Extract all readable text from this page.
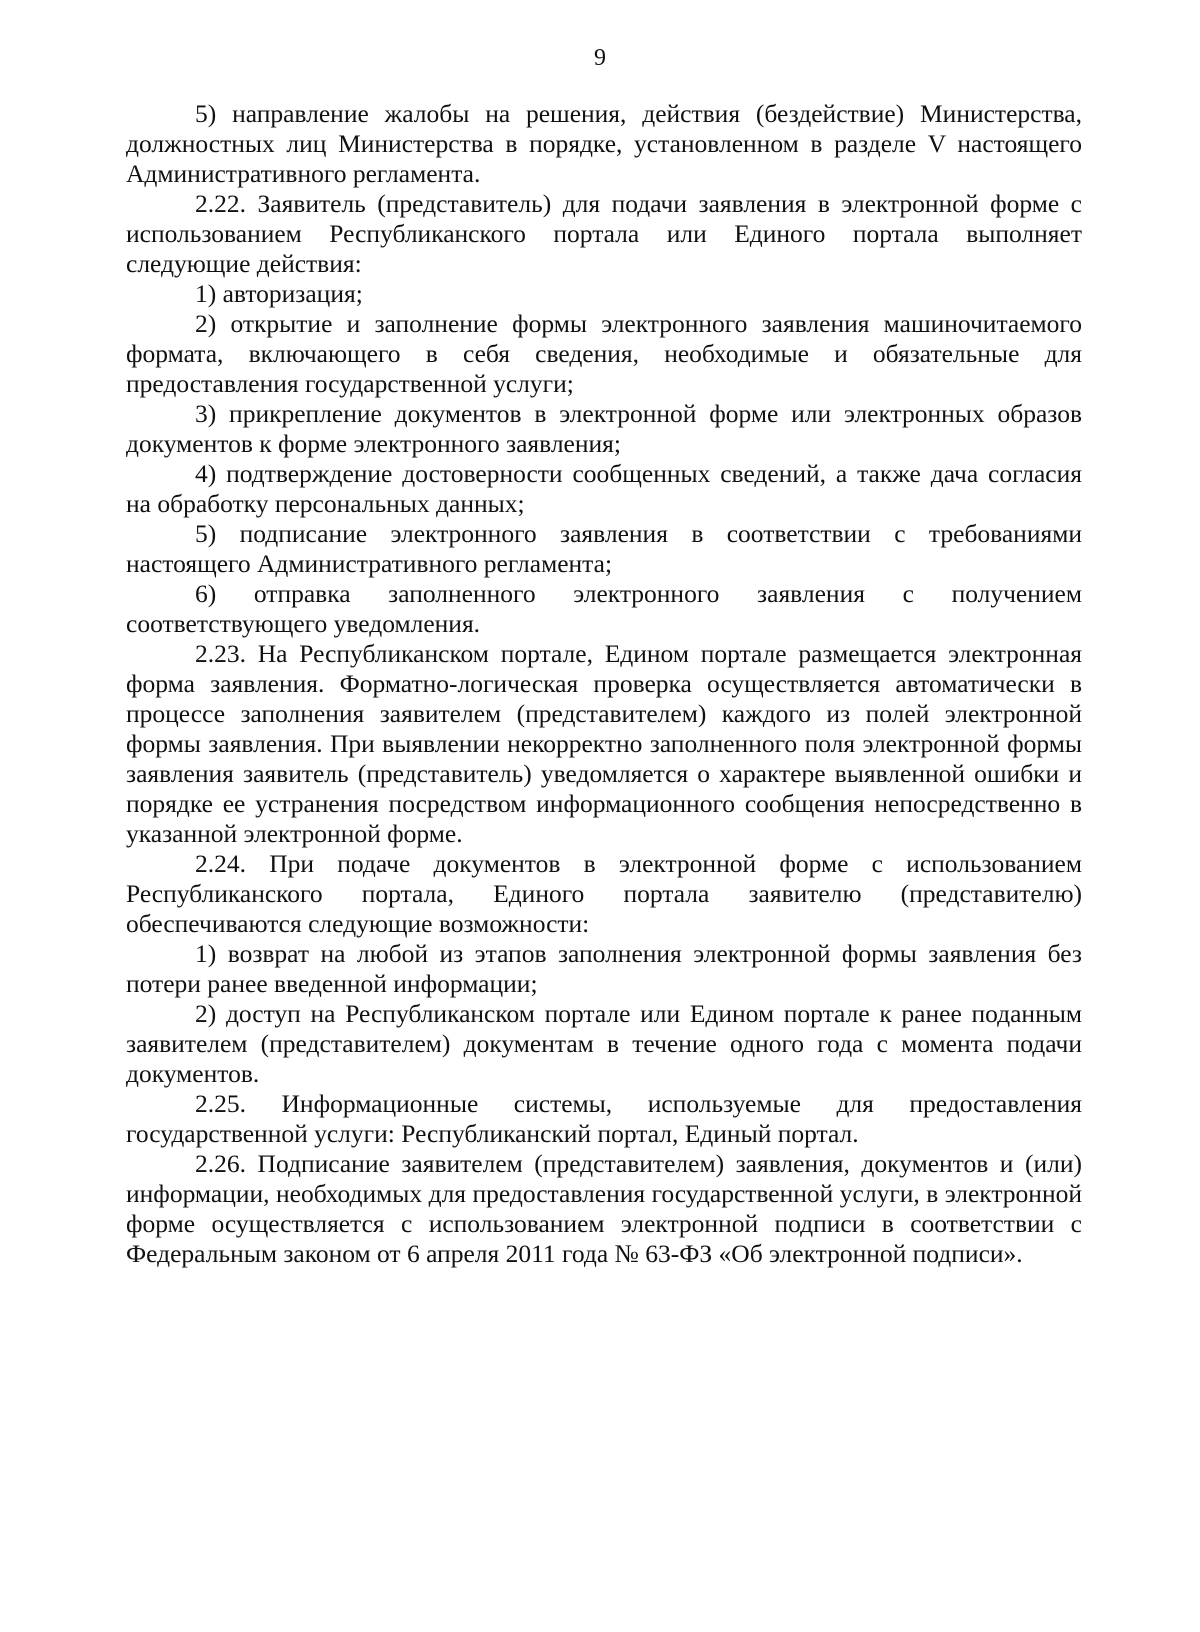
9

5) направление жалобы на решения, действия (бездействие) Министерства, должностных лиц Министерства в порядке, установленном в разделе V настоящего Административного регламента.

2.22. Заявитель (представитель) для подачи заявления в электронной форме с использованием Республиканского портала или Единого портала выполняет следующие действия:

1) авторизация;

2) открытие и заполнение формы электронного заявления машиночитаемого формата, включающего в себя сведения, необходимые и обязательные для предоставления государственной услуги;

3) прикрепление документов в электронной форме или электронных образов документов к форме электронного заявления;

4) подтверждение достоверности сообщенных сведений, а также дача согласия на обработку персональных данных;

5) подписание электронного заявления в соответствии с требованиями настоящего Административного регламента;

6) отправка заполненного электронного заявления с получением соответствующего уведомления.

2.23. На Республиканском портале, Едином портале размещается электронная форма заявления. Форматно-логическая проверка осуществляется автоматически в процессе заполнения заявителем (представителем) каждого из полей электронной формы заявления. При выявлении некорректно заполненного поля электронной формы заявления заявитель (представитель) уведомляется о характере выявленной ошибки и порядке ее устранения посредством информационного сообщения непосредственно в указанной электронной форме.

2.24. При подаче документов в электронной форме с использованием Республиканского портала, Единого портала заявителю (представителю) обеспечиваются следующие возможности:

1) возврат на любой из этапов заполнения электронной формы заявления без потери ранее введенной информации;

2) доступ на Республиканском портале или Едином портале к ранее поданным заявителем (представителем) документам в течение одного года с момента подачи документов.

2.25. Информационные системы, используемые для предоставления государственной услуги: Республиканский портал, Единый портал.

2.26. Подписание заявителем (представителем) заявления, документов и (или) информации, необходимых для предоставления государственной услуги, в электронной форме осуществляется с использованием электронной подписи в соответствии с Федеральным законом от 6 апреля 2011 года № 63-ФЗ «Об электронной подписи».
